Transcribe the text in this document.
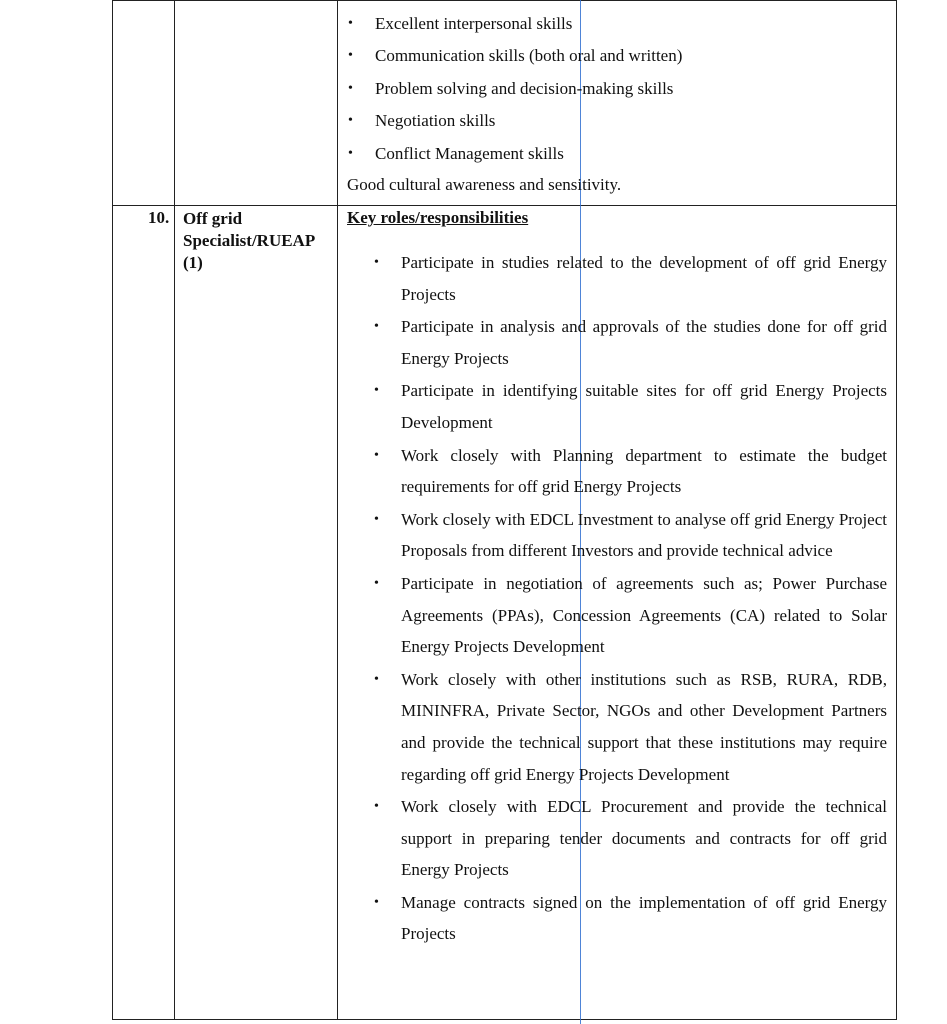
• Excellent interpersonal skills
• Communication skills (both oral and written)
• Problem solving and decision-making skills
• Negotiation skills
• Conflict Management skills
Good cultural awareness and sensitivity.
10. Off grid Specialist/RUEAP (1)
Key roles/responsibilities
• Participate in studies related to the development of off grid Energy Projects
• Participate in analysis and approvals of the studies done for off grid Energy Projects
• Participate in identifying suitable sites for off grid Energy Projects Development
• Work closely with Planning department to estimate the budget requirements for off grid Energy Projects
• Work closely with EDCL Investment to analyse off grid Energy Project Proposals from different Investors and provide technical advice
• Participate in negotiation of agreements such as; Power Purchase Agreements (PPAs), Concession Agreements (CA) related to Solar Energy Projects Development
• Work closely with other institutions such as RSB, RURA, RDB, MININFRA, Private Sector, NGOs and other Development Partners and provide the technical support that these institutions may require regarding off grid Energy Projects Development
• Work closely with EDCL Procurement and provide the technical support in preparing tender documents and contracts for off grid Energy Projects
• Manage contracts signed on the implementation of off grid Energy Projects
